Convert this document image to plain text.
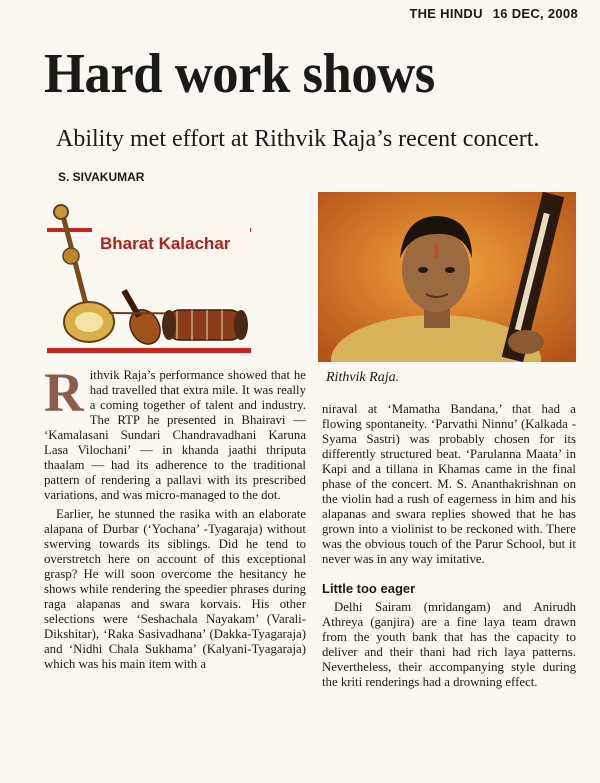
THE HINDU 16 DEC, 2008
Hard work shows
Ability met effort at Rithvik Raja’s recent concert.
S. SIVAKUMAR
Bharat Kalachar
Rithvik Raja.

Rithvik Raja’s performance showed that he had travelled that extra mile. It was really a coming together of talent and industry. The RTP he presented in Bhairavi — ‘Kamalasani Sundari Chandravadhani Karuna Lasa Vilochani’ — in khanda jaathi thriputa thaalam — had its adherence to the traditional pattern of rendering a pallavi with its prescribed variations, and was micro-managed to the dot.

Earlier, he stunned the rasika with an elaborate alapana of Durbar (‘Yochana’ -Tyagaraja) without swerving towards its siblings. Did he tend to overstretch here on account of this exceptional grasp? He will soon overcome the hesitancy he shows while rendering the speedier phrases during raga alapanas and swara korvais. His other selections were ‘Seshachala Nayakam’ (Varali-Dikshitar), ‘Raka Sasivadhana’ (Dakka-Tyagaraja) and ‘Nidhi Chala Sukhama’ (Kalyani-Tyagaraja) which was his main item with a

niraval at ‘Mamatha Bandana,’ that had a flowing spontaneity. ‘Parvathi Ninnu’ (Kalkada -Syama Sastri) was probably chosen for its differently structured beat. ‘Parulanna Maata’ in Kapi and a tillana in Khamas came in the final phase of the concert. M. S. Ananthakrishnan on the violin had a rush of eagerness in him and his alapanas and swara replies showed that he has grown into a violinist to be reckoned with. There was the obvious touch of the Parur School, but it never was in any way imitative.

Little too eager

Delhi Sairam (mridangam) and Anirudh Athreya (ganjira) are a fine laya team drawn from the youth bank that has the capacity to deliver and their thani had rich laya patterns. Nevertheless, their accompanying style during the kriti renderings had a drowning effect.
